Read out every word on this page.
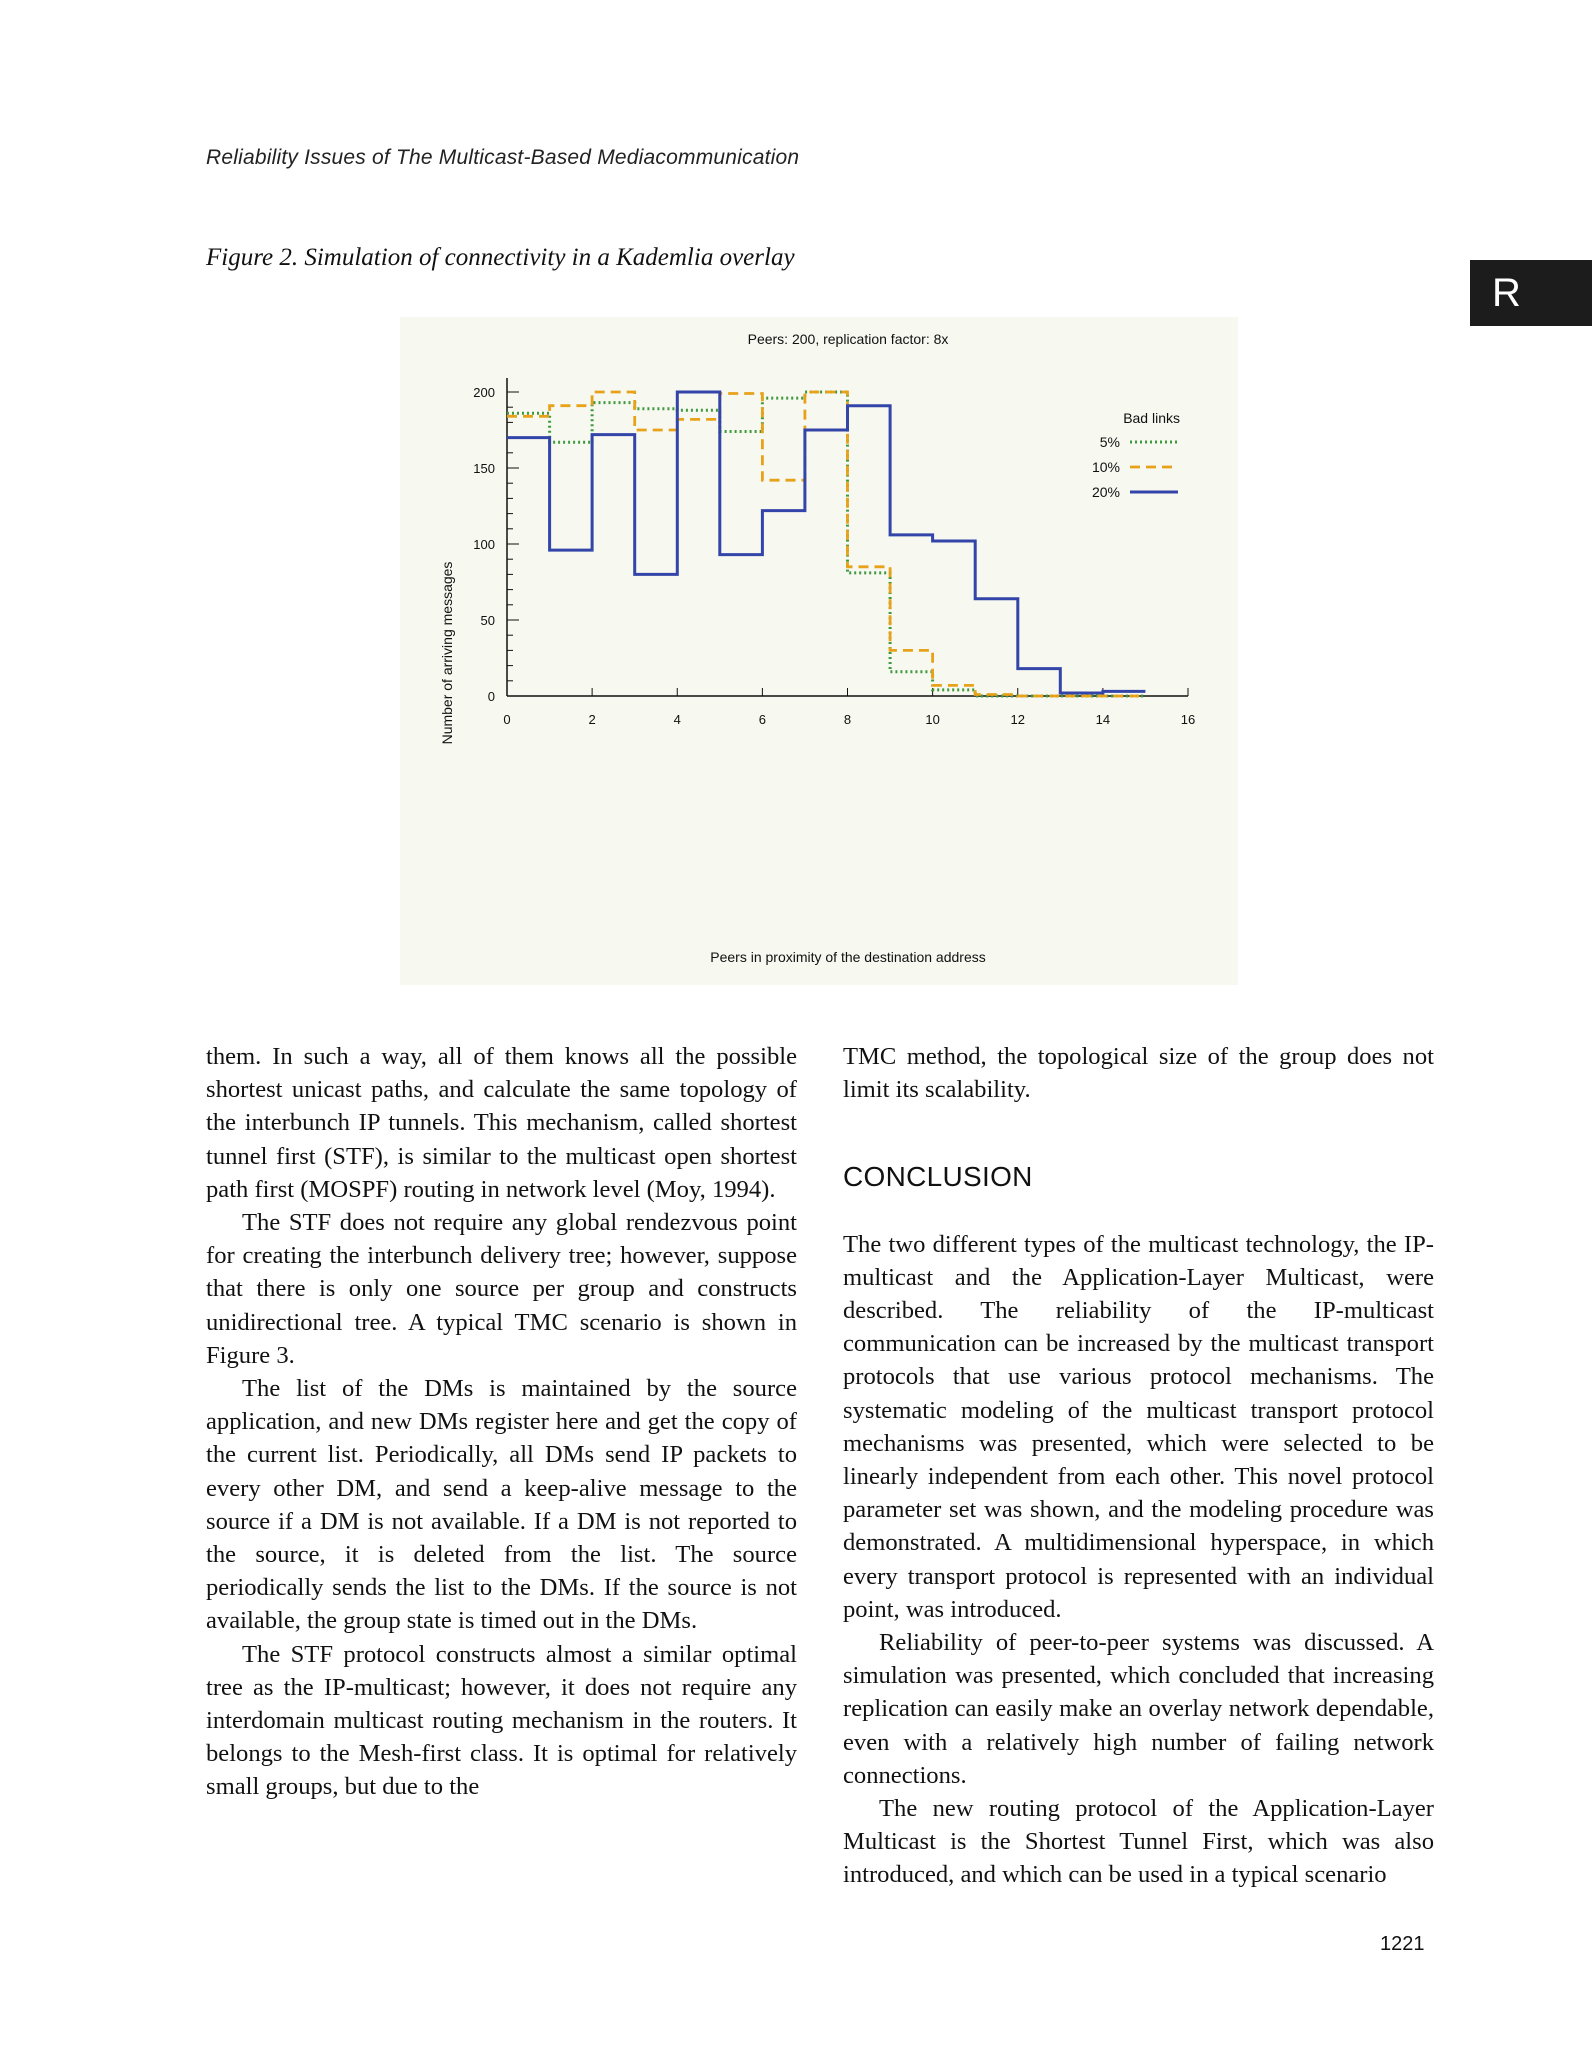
Reliability Issues of The Multicast-Based Mediacommunication
Figure 2. Simulation of connectivity in a Kademlia overlay
R
Peers: 200, replication factor: 8x
0
50
100
150
200
0	2	4	6	8	10	12	14	16
Peers in proximity of the destination address
Number of arriving messages
Bad links
5%
10%
20%

them. In such a way, all of them knows all the possible shortest unicast paths, and calculate the same topology of the interbunch IP tunnels. This mechanism, called shortest tunnel first (STF), is similar to the multicast open shortest path first (MOSPF) routing in network level (Moy, 1994).

The STF does not require any global rendezvous point for creating the interbunch delivery tree; however, suppose that there is only one source per group and constructs unidirectional tree. A typical TMC scenario is shown in Figure 3.

The list of the DMs is maintained by the source application, and new DMs register here and get the copy of the current list. Periodically, all DMs send IP packets to every other DM, and send a keep-alive message to the source if a DM is not available. If a DM is not reported to the source, it is deleted from the list. The source periodically sends the list to the DMs. If the source is not available, the group state is timed out in the DMs.

The STF protocol constructs almost a similar optimal tree as the IP-multicast; however, it does not require any interdomain multicast routing mechanism in the routers. It belongs to the Mesh-first class. It is optimal for relatively small groups, but due to the

TMC method, the topological size of the group does not limit its scalability.

CONCLUSION

The two different types of the multicast technology, the IP-multicast and the Application-Layer Multicast, were described. The reliability of the IP-multicast communication can be increased by the multicast transport protocols that use various protocol mechanisms. The systematic modeling of the multicast transport protocol mechanisms was presented, which were selected to be linearly independent from each other. This novel protocol parameter set was shown, and the modeling procedure was demonstrated. A multidimensional hyperspace, in which every transport protocol is represented with an individual point, was introduced.

Reliability of peer-to-peer systems was discussed. A simulation was presented, which concluded that increasing replication can easily make an overlay network dependable, even with a relatively high number of failing network connections.

The new routing protocol of the Application-Layer Multicast is the Shortest Tunnel First, which was also introduced, and which can be used in a typical scenario

1221
